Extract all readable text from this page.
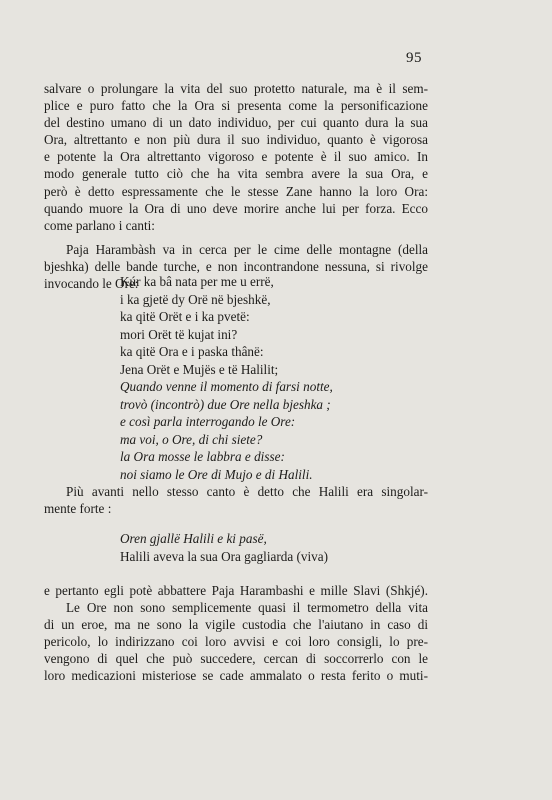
95
salvare o prolungare la vita del suo protetto naturale, ma è il sem-
plice e puro fatto che la Ora si presenta come la personificazione
del destino umano di un dato individuo, per cui quanto dura la sua
Ora, altrettanto e non più dura il suo individuo, quanto è vigorosa
e potente la Ora altrettanto vigoroso e potente è il suo amico. In
modo generale tutto ciò che ha vita sembra avere la sua Ora, e
però è detto espressamente che le stesse Zane hanno la loro Ora:
quando muore la Ora di uno deve morire anche lui per forza. Ecco
come parlano i canti:
Paja Harambàsh va in cerca per le cime delle montagne (della
bjeshka) delle bande turche, e non incontrandone nessuna, si rivolge
invocando le Ore:
Kúr ka bâ nata per me u errë,
i ka gjetë dy Orë në bjeshkë,
ka qitë Orët e i ka pvetë:
mori Orët të kujat ini?
ka qitë Ora e i paska thânë:
Jena Orët e Mujës e të Halilit;
Quando venne il momento di farsi notte,
trovò (incontrò) due Ore nella bjeshka ;
e così parla interrogando le Ore:
ma voi, o Ore, di chi siete?
la Ora mosse le labbra e disse:
noi siamo le Ore di Mujo e di Halili.
Più avanti nello stesso canto è detto che Halili era singolar-
mente forte :
Oren gjallë Halili e ki pasë,
Halili aveva la sua Ora gagliarda (viva)
e pertanto egli potè abbattere Paja Harambashi e mille Slavi (Shkjé).
Le Ore non sono semplicemente quasi il termometro della vita
di un eroe, ma ne sono la vigile custodia che l'aiutano in caso di
pericolo, lo indirizzano coi loro avvisi e coi loro consigli, lo pre-
vengono di quel che può succedere, cercan di soccorrerlo con le
loro medicazioni misteriose se cade ammalato o resta ferito o muti-
